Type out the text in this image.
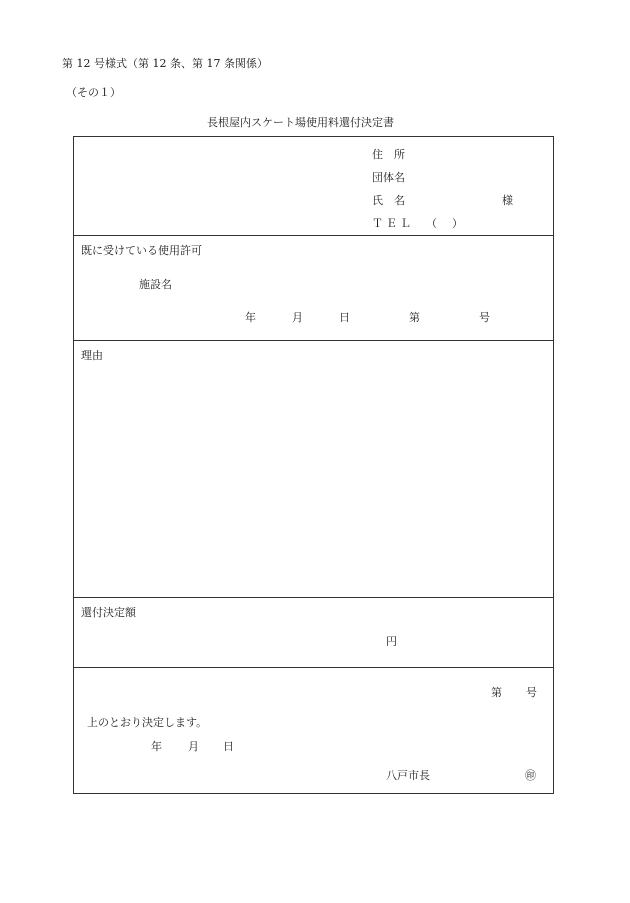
第 12 号様式（第 12 条、第 17 条関係）
（その１）
長根屋内スケート場使用料還付決定書
住　所
団体名
氏　名	様
ＴＥＬ （ ）
既に受けている使用許可
施設名
年	月	日	第	号
理由
還付決定額
円
第 号
上のとおり決定します。
年 月 日
八戸市長	㊞
